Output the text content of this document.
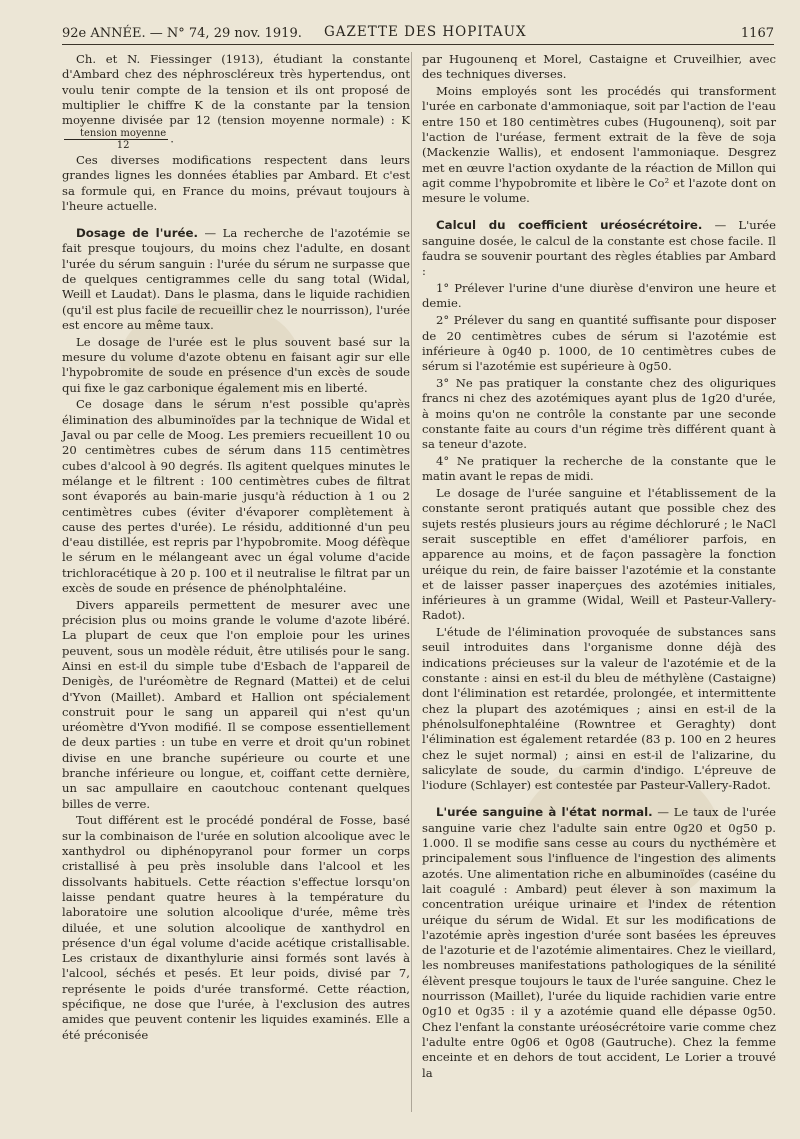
92e ANNÉE. — N° 74, 29 nov. 1919. GAZETTE DES HOPITAUX	1167

Ch. et N. Fiessinger (1913), étudiant la constante d'Ambard chez des néphroscléreux très hypertendus, ont voulu tenir compte de la tension et ils ont proposé de multiplier le chiffre K de la constante par la tension moyenne divisée par 12 (tension moyenne normale) : K
$\frac{\text{tension moyenne}}{12}$ .

Ces diverses modifications respectent dans leurs grandes lignes les données établies par Ambard. Et c'est sa formule qui, en France du moins, prévaut toujours à l'heure actuelle.

Dosage de l'urée. — La recherche de l'azotémie se fait presque toujours, du moins chez l'adulte, en dosant l'urée du sérum sanguin : l'urée du sérum ne surpasse que de quelques centigrammes celle du sang total (Widal, Weill et Laudat). Dans le plasma, dans le liquide rachidien (qu'il est plus facile de recueillir chez le nourrisson), l'urée est encore au même taux.

Le dosage de l'urée est le plus souvent basé sur la mesure du volume d'azote obtenu en faisant agir sur elle l'hypobromite de soude en présence d'un excès de soude qui fixe le gaz carbonique également mis en liberté.

Ce dosage dans le sérum n'est possible qu'après élimination des albuminoïdes par la technique de Widal et Javal ou par celle de Moog. Les premiers recueillent 10 ou 20 centimètres cubes de sérum dans 115 centimètres cubes d'alcool à 90 degrés. Ils agitent quelques minutes le mélange et le filtrent : 100 centimètres cubes de filtrat sont évaporés au bain-marie jusqu'à réduction à 1 ou 2 centimètres cubes (éviter d'évaporer complètement à cause des pertes d'urée). Le résidu, additionné d'un peu d'eau distillée, est repris par l'hypobromite. Moog défèque le sérum en le mélangeant avec un égal volume d'acide trichloracétique à 20 p. 100 et il neutralise le filtrat par un excès de soude en présence de phénolphtaléine.

Divers appareils permettent de mesurer avec une précision plus ou moins grande le volume d'azote libéré. La plupart de ceux que l'on emploie pour les urines peuvent, sous un modèle réduit, être utilisés pour le sang. Ainsi en est-il du simple tube d'Esbach de l'appareil de Denigès, de l'uréomètre de Regnard (Mattei) et de celui d'Yvon (Maillet). Ambard et Hallion ont spécialement construit pour le sang un appareil qui n'est qu'un uréomètre d'Yvon modifié. Il se compose essentiellement de deux parties : un tube en verre et droit qu'un robinet divise en une branche supérieure ou courte et une branche inférieure ou longue, et, coiffant cette dernière, un sac ampullaire en caoutchouc contenant quelques billes de verre.

Tout différent est le procédé pondéral de Fosse, basé sur la combinaison de l'urée en solution alcoolique avec le xanthydrol ou diphénopyranol pour former un corps cristallisé à peu près insoluble dans l'alcool et les dissolvants habituels. Cette réaction s'effectue lorsqu'on laisse pendant quatre heures à la température du laboratoire une solution alcoolique d'urée, même très diluée, et une solution alcoolique de xanthydrol en présence d'un égal volume d'acide acétique cristallisable. Les cristaux de dixanthylurie ainsi formés sont lavés à l'alcool, séchés et pesés. Et leur poids, divisé par 7, représente le poids d'urée transformé. Cette réaction, spécifique, ne dose que l'urée, à l'exclusion des autres amides que peuvent contenir les liquides examinés. Elle a été préconisée

par Hugounenq et Morel, Castaigne et Cruveilhier, avec des techniques diverses.

Moins employés sont les procédés qui transforment l'urée en carbonate d'ammoniaque, soit par l'action de l'eau entre 150 et 180 centimètres cubes (Hugounenq), soit par l'action de l'uréase, ferment extrait de la fève de soja (Mackenzie Wallis), et endosent l'ammoniaque. Desgrez met en œuvre l'action oxydante de la réaction de Millon qui agit comme l'hypobromite et libère le Co² et l'azote dont on mesure le volume.

Calcul du coefficient uréosécrétoire. — L'urée sanguine dosée, le calcul de la constante est chose facile. Il faudra se souvenir pourtant des règles établies par Ambard :

1° Prélever l'urine d'une diurèse d'environ une heure et demie.

2° Prélever du sang en quantité suffisante pour disposer de 20 centimètres cubes de sérum si l'azotémie est inférieure à 0g40 p. 1000, de 10 centimètres cubes de sérum si l'azotémie est supérieure à 0g50.

3° Ne pas pratiquer la constante chez des oliguriques francs ni chez des azotémiques ayant plus de 1g20 d'urée, à moins qu'on ne contrôle la constante par une seconde constante faite au cours d'un régime très différent quant à sa teneur d'azote.

4° Ne pratiquer la recherche de la constante que le matin avant le repas de midi.

Le dosage de l'urée sanguine et l'établissement de la constante seront pratiqués autant que possible chez des sujets restés plusieurs jours au régime déchloruré ; le NaCl serait susceptible en effet d'améliorer parfois, en apparence au moins, et de façon passagère la fonction uréique du rein, de faire baisser l'azotémie et la constante et de laisser passer inaperçues des azotémies initiales, inférieures à un gramme (Widal, Weill et Pasteur-Vallery-Radot).

L'étude de l'élimination provoquée de substances sans seuil introduites dans l'organisme donne déjà des indications précieuses sur la valeur de l'azotémie et de la constante : ainsi en est-il du bleu de méthylène (Castaigne) dont l'élimination est retardée, prolongée, et intermittente chez la plupart des azotémiques ; ainsi en est-il de la phénolsulfonephtaléine (Rowntree et Geraghty) dont l'élimination est également retardée (83 p. 100 en 2 heures chez le sujet normal) ; ainsi en est-il de l'alizarine, du salicylate de soude, du carmin d'indigo. L'épreuve de l'iodure (Schlayer) est contestée par Pasteur-Vallery-Radot.

L'urée sanguine à l'état normal. — Le taux de l'urée sanguine varie chez l'adulte sain entre 0g20 et 0g50 p. 1.000. Il se modifie sans cesse au cours du nycthémère et principalement sous l'influence de l'ingestion des aliments azotés. Une alimentation riche en albuminoïdes (caséine du lait coagulé : Ambard) peut élever à son maximum la concentration uréique urinaire et l'index de rétention uréique du sérum de Widal. Et sur les modifications de l'azotémie après ingestion d'urée sont basées les épreuves de l'azoturie et de l'azotémie alimentaires. Chez le vieillard, les nombreuses manifestations pathologiques de la sénilité élèvent presque toujours le taux de l'urée sanguine. Chez le nourrisson (Maillet), l'urée du liquide rachidien varie entre 0g10 et 0g35 : il y a azotémie quand elle dépasse 0g50. Chez l'enfant la constante uréosécrétoire varie comme chez l'adulte entre 0g06 et 0g08 (Gautruche). Chez la femme enceinte et en dehors de tout accident, Le Lorier a trouvé la
